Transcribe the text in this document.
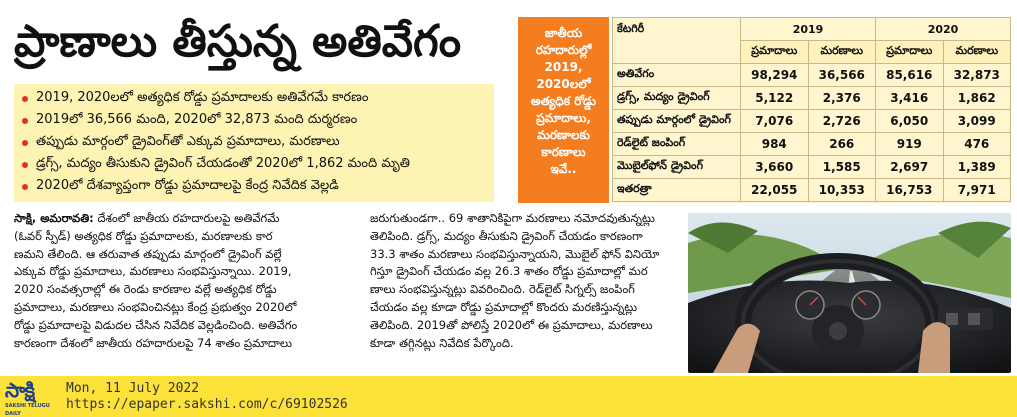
ప్రాణాలు తీస్తున్న అతివేగం
2019, 2020లలో అత్యధిక రోడ్డు ప్రమాదాలకు అతివేగమే కారణం
2019లో 36,566 మంది, 2020లో 32,873 మంది దుర్మరణం
తప్పుడు మార్గంలో డ్రైవింగ్‌తో ఎక్కువ ప్రమాదాలు, మరణాలు
డ్రగ్స్, మద్యం తీసుకుని డ్రైవింగ్ చేయడంతో 2020లో 1,862 మంది మృతి
2020లో దేశవ్యాప్తంగా రోడ్డు ప్రమాదాలపై కేంద్ర నివేదిక వెల్లడి
జాతీయ
రహదారుల్లో
2019,
2020లలో
అత్యధిక రోడ్డు
ప్రమాదాలు,
మరణాలకు
కారణాలు
ఇవే..
కేటగిరీ	2019		2020	
	ప్రమాదాలు	మరణాలు	ప్రమాదాలు	మరణాలు
అతివేగం	98,294	36,566	85,616	32,873
డ్రగ్స్, మద్యం డ్రైవింగ్	5,122	2,376	3,416	1,862
తప్పుడు మార్గంలో డ్రైవింగ్	7,076	2,726	6,050	3,099
రెడ్‌లైట్ జంపింగ్	984	266	919	476
మొబైల్‌ఫోన్ డ్రైవింగ్	3,660	1,585	2,697	1,389
ఇతరత్రా	22,055	10,353	16,753	7,971
సాక్షి, అమరావతి: దేశంలో జాతీయ రహదారులపై అతివేగమే
(ఓవర్ స్పీడ్) అత్యధిక రోడ్డు ప్రమాదాలకు, మరణాలకు కార
ణమని తేలింది. ఆ తరువాత తప్పుడు మార్గంలో డ్రైవింగ్ వల్లే
ఎక్కువ రోడ్డు ప్రమాదాలు, మరణాలు సంభవిస్తున్నాయి. 2019,
2020 సంవత్సరాల్లో ఈ రెండు కారణాల వల్లే అత్యధిక రోడ్డు
ప్రమాదాలు, మరణాలు సంభవించినట్లు కేంద్ర ప్రభుత్వం 2020లో
రోడ్డు ప్రమాదాలపై విడుదల చేసిన నివేదిక వెల్లడించింది. అతివేగం
కారణంగా దేశంలో జాతీయ రహదారులపై 74 శాతం ప్రమాదాలు
జరుగుతుండగా.. 69 శాతానికిపైగా మరణాలు నమోదవుతున్నట్లు
తెలిపింది. డ్రగ్స్, మద్యం తీసుకుని డ్రైవింగ్ చేయడం కారణంగా
33.3 శాతం మరణాలు సంభవిస్తున్నాయని, మొబైల్ ఫోన్ వినియో
గిస్తూ డ్రైవింగ్ చేయడం వల్ల 26.3 శాతం రోడ్డు ప్రమాదాల్లో మర
ణాలు సంభవిస్తున్నట్లు వివరించింది. రెడ్‌లైట్ సిగ్నల్స్ జంపింగ్
చేయడం వల్ల కూడా రోడ్డు ప్రమాదాల్లో కొందరు మరణిస్తున్నట్లు
తెలిపింది. 2019తో పోలిస్తే 2020లో ఈ ప్రమాదాలు, మరణాలు
కూడా తగ్గినట్లు నివేదిక పేర్కొంది.
సాక్షి
SAKSHI TELUGU DAILY
Mon, 11 July 2022
https://epaper.sakshi.com/c/69102526
